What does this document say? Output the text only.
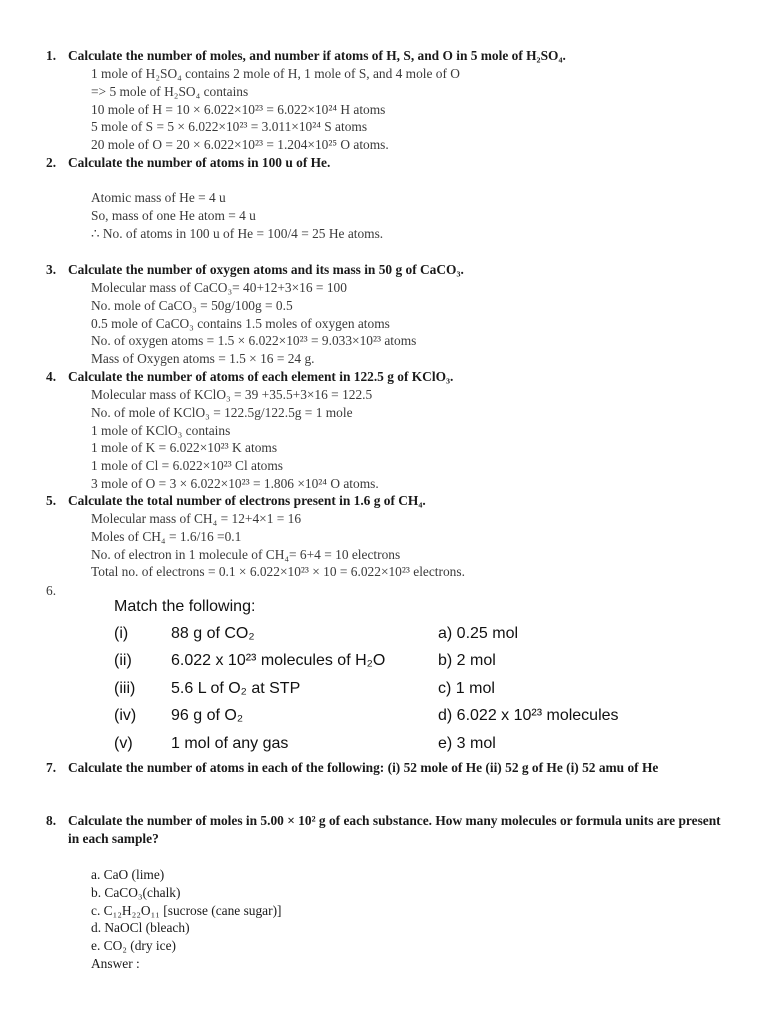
1. Calculate the number of moles, and number if atoms of H, S, and O in 5 mole of H₂SO₄.
1 mole of H₂SO₄ contains 2 mole of H, 1 mole of S, and 4 mole of O
=> 5 mole of H₂SO₄ contains
10 mole of H = 10 × 6.022×10²³ = 6.022×10²⁴ H atoms
5 mole of S = 5 × 6.022×10²³ = 3.011×10²⁴ S atoms
20 mole of O = 20 × 6.022×10²³ = 1.204×10²⁵ O atoms.
2. Calculate the number of atoms in 100 u of He.
Atomic mass of He = 4 u
So, mass of one He atom = 4 u
∴ No. of atoms in 100 u of He = 100/4 = 25 He atoms.
3. Calculate the number of oxygen atoms and its mass in 50 g of CaCO₃.
Molecular mass of CaCO₃= 40+12+3×16 = 100
No. mole of CaCO₃ = 50g/100g = 0.5
0.5 mole of CaCO₃ contains 1.5 moles of oxygen atoms
No. of oxygen atoms = 1.5 × 6.022×10²³ = 9.033×10²³ atoms
Mass of Oxygen atoms = 1.5 × 16 = 24 g.
4. Calculate the number of atoms of each element in 122.5 g of KClO₃.
Molecular mass of KClO₃ = 39 +35.5+3×16 = 122.5
No. of mole of KClO₃ = 122.5g/122.5g = 1 mole
1 mole of KClO₃ contains
1 mole of K = 6.022×10²³ K atoms
1 mole of Cl = 6.022×10²³ Cl atoms
3 mole of O = 3 × 6.022×10²³ = 1.806 ×10²⁴ O atoms.
5. Calculate the total number of electrons present in 1.6 g of CH₄.
Molecular mass of CH₄ = 12+4×1 = 16
Moles of CH₄ = 1.6/16 =0.1
No. of electron in 1 molecule of CH₄= 6+4 = 10 electrons
Total no. of electrons = 0.1 × 6.022×10²³ × 10 = 6.022×10²³ electrons.
6.
Match the following:
(i)	88 g of CO₂	a) 0.25 mol
(ii) 6.022 x 10²³ molecules of H₂O	b) 2 mol
(iii) 5.6 L of O₂ at STP	c) 1 mol
(iv) 96 g of O₂	d) 6.022 x 10²³ molecules
(v) 1 mol of any gas	e) 3 mol
7. Calculate the number of atoms in each of the following: (i) 52 mole of He (ii) 52 g of He (i) 52 amu of He
8. Calculate the number of moles in 5.00 × 10² g of each substance. How many molecules or formula units are present in each sample?
a. CaO (lime)
b. CaCO₃(chalk)
c. C₁₂H₂₂O₁₁ [sucrose (cane sugar)]
d. NaOCl (bleach)
e. CO₂ (dry ice)
Answer :
